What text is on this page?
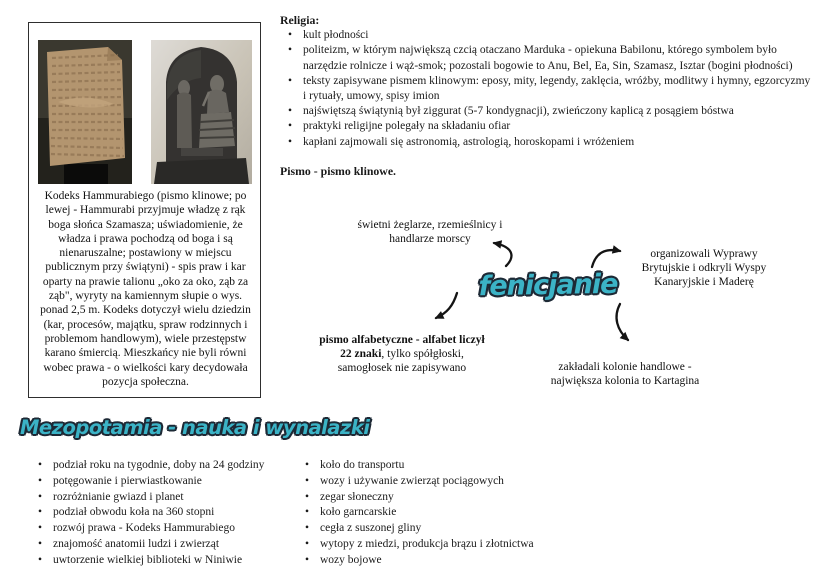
Kodeks Hammurabiego (pismo klinowe; po lewej - Hammurabi przyjmuje władzę z rąk boga słońca Szamasza; uświadomienie, że władza i prawa pochodzą od boga i są nienaruszalne; postawiony w miejscu publicznym przy świątyni) - spis praw i kar oparty na prawie talionu „oko za oko, ząb za ząb", wyryty na kamiennym słupie o wys. ponad 2,5 m. Kodeks dotyczył wielu dziedzin (kar, procesów, majątku, spraw rodzinnych i problemom handlowym), wiele przestępstw karano śmiercią. Mieszkańcy nie byli równi wobec prawa - o wielkości kary decydowała pozycja społeczna.

Religia:
• kult płodności
• politeizm, w którym największą czcią otaczano Marduka - opiekuna Babilonu, którego symbolem było narzędzie rolnicze i wąż-smok; pozostali bogowie to Anu, Bel, Ea, Sin, Szamasz, Isztar (bogini płodności)
• teksty zapisywane pismem klinowym: eposy, mity, legendy, zaklęcia, wróżby, modlitwy i hymny, egzorcyzmy i rytuały, umowy, spisy imion
• najświętszą świątynią był ziggurat (5-7 kondygnacji), zwieńczony kaplicą z posągiem bóstwa
• praktyki religijne polegały na składaniu ofiar
• kapłani zajmowali się astronomią, astrologią, horoskopami i wróżeniem

Pismo - pismo klinowe.

świetni żeglarze, rzemieślnicy i handlarze morscy
organizowali Wyprawy Brytujskie i odkryli Wyspy Kanaryjskie i Maderę
pismo alfabetyczne - alfabet liczył 22 znaki, tylko spółgłoski, samogłosek nie zapisywano	zakładali kolonie handlowe - największa kolonia to Kartagina
fenicjanie
Mezopotamia - nauka i wynalazki
• podział roku na tygodnie, doby na 24 godziny
• potęgowanie i pierwiastkowanie
• rozróżnianie gwiazd i planet
• podział obwodu koła na 360 stopni
• rozwój prawa - Kodeks Hammurabiego
• znajomość anatomii ludzi i zwierząt
• uwtorzenie wielkiej biblioteki w Niniwie
• koło do transportu
• wozy i używanie zwierząt pociągowych
• zegar słoneczny
• koło garncarskie
• cegła z suszonej gliny
• wytopy z miedzi, produkcja brązu i złotnictwa
• wozy bojowe
